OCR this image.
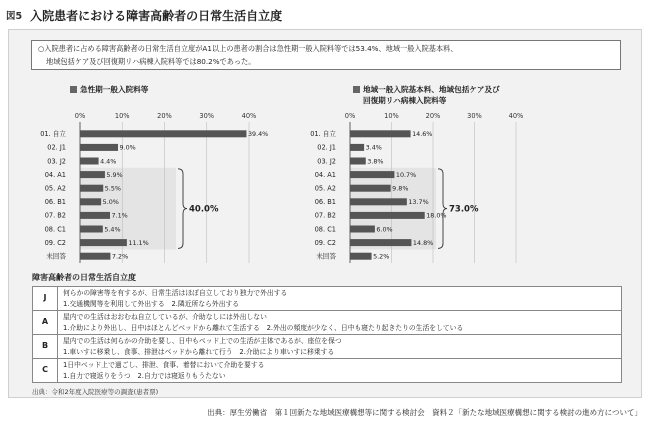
図5 入院患者における障害高齢者の日常生活自立度
○入院患者に占める障害高齢者の日常生活自立度がA1以上の患者の割合は急性期一般入院料等では53.4%、地域一般入院基本料、
地域包括ケア及び回復期リハ病棟入院料等では80.2%であった。
急性期一般入院料等	地域一般入院基本料、地域包括ケア及び
回復期リハ病棟入院料等
0%	10%	20%	30%	40%
01. 自立	39.4%
02. J1	9.0%
03. J2	4.4%
04. A1	5.9%
05. A2	5.5%
06. B1	5.0%
07. B2	7.1%
08. C1	5.4%
09. C2	11.1%
未回答	7.2%
40.0%
0%	10%	20%	30%	40%
01. 自立	14.6%
02. J1	3.4%
03. J2	3.8%
04. A1	10.7%
05. A2	9.8%
06. B1	13.7%
07. B2	18.0%
08. C1	6.0%
09. C2	14.8%
未回答	5.2%
73.0%
障害高齢者の日常生活自立度
J	何らかの障害等を有するが、日常生活はほぼ自立しており独力で外出する
1.交通機関等を利用して外出する　2.隣近所なら外出する

A	屋内での生活はおおむね自立しているが、介助なしには外出しない
1.介助により外出し、日中はほとんどベッドから離れて生活する　2.外出の頻度が少なく、日中も寝たり起きたりの生活をしている

B	屋内での生活は何らかの介助を要し、日中もベッド上での生活が主体であるが、座位を保つ
1.車いすに移乗し、食事、排泄はベッドから離れて行う　2.介助により車いすに移乗する

C	1日中ベッド上で過ごし、排泄、食事、着替において介助を要する
1.自力で寝返りをうつ　2.自力では寝返りもうたない
出典：令和2年度入院医療等の調査(患者票)
出典：厚生労働省　第１回新たな地域医療構想等に関する検討会　資料２「新たな地域医療構想に関する検討の進め方について」
